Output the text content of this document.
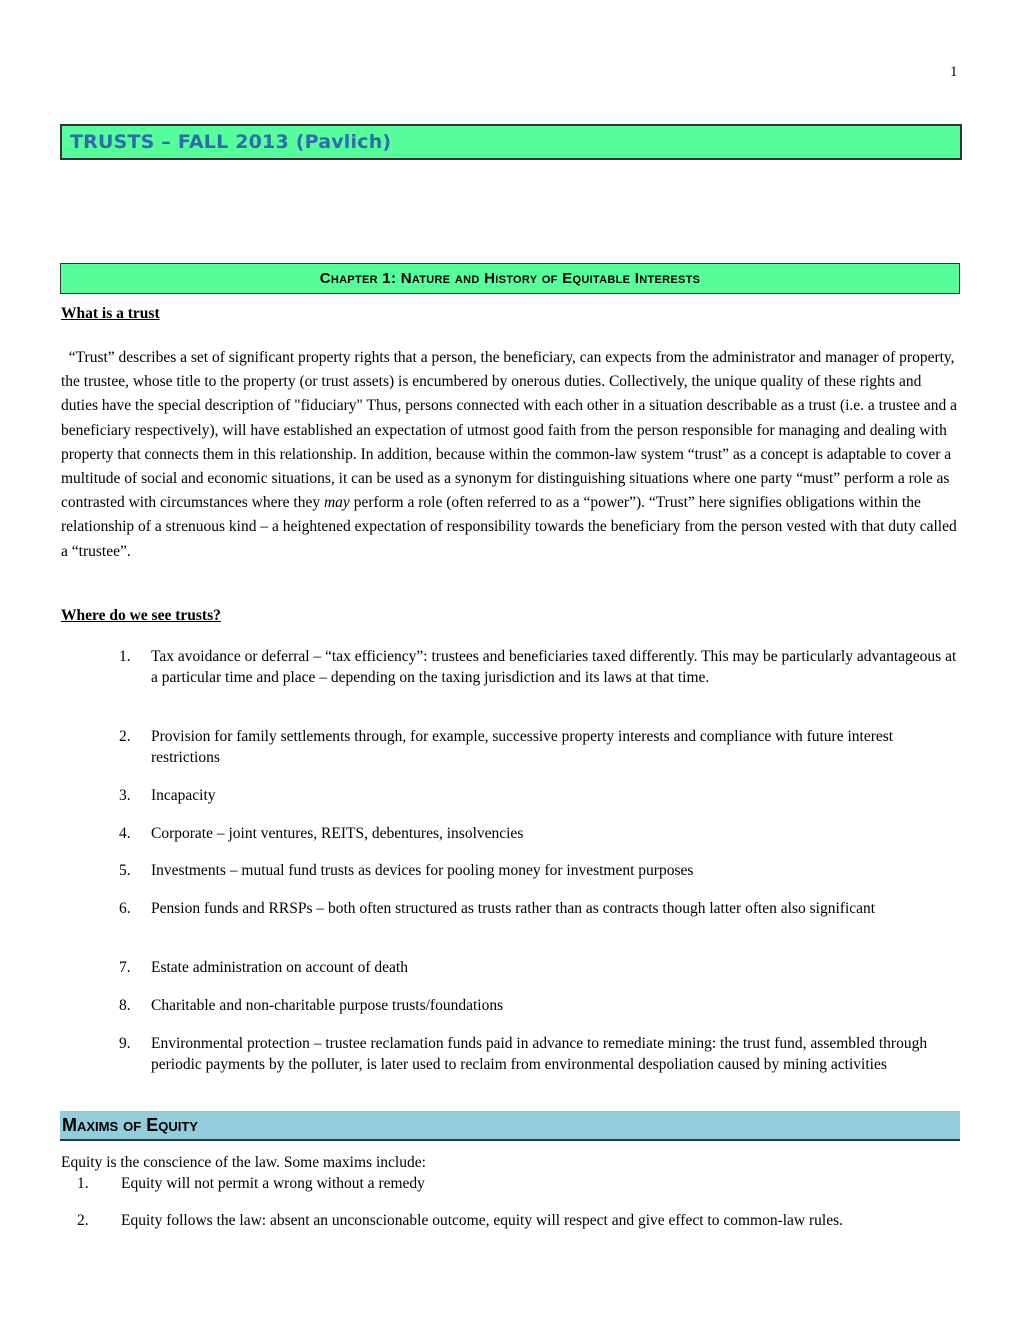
1
TRUSTS – FALL 2013 (Pavlich)
Chapter 1: Nature and History of Equitable Interests
What is a trust
“Trust” describes a set of significant property rights that a person, the beneficiary, can expects from the administrator and manager of property, the trustee, whose title to the property (or trust assets) is encumbered by onerous duties. Collectively, the unique quality of these rights and duties have the special description of "fiduciary" Thus, persons connected with each other in a situation describable as a trust (i.e. a trustee and a beneficiary respectively), will have established an expectation of utmost good faith from the person responsible for managing and dealing with property that connects them in this relationship. In addition, because within the common-law system “trust” as a concept is adaptable to cover a multitude of social and economic situations, it can be used as a synonym for distinguishing situations where one party “must” perform a role as contrasted with circumstances where they may perform a role (often referred to as a “power”). “Trust” here signifies obligations within the relationship of a strenuous kind – a heightened expectation of responsibility towards the beneficiary from the person vested with that duty called a “trustee”.
Where do we see trusts?
1. Tax avoidance or deferral – “tax efficiency”: trustees and beneficiaries taxed differently. This may be particularly advantageous at a particular time and place – depending on the taxing jurisdiction and its laws at that time.
2. Provision for family settlements through, for example, successive property interests and compliance with future interest restrictions
3. Incapacity
4. Corporate – joint ventures, REITS, debentures, insolvencies
5. Investments – mutual fund trusts as devices for pooling money for investment purposes
6. Pension funds and RRSPs – both often structured as trusts rather than as contracts though latter often also significant
7. Estate administration on account of death
8. Charitable and non-charitable purpose trusts/foundations
9. Environmental protection – trustee reclamation funds paid in advance to remediate mining: the trust fund, assembled through periodic payments by the polluter, is later used to reclaim from environmental despoliation caused by mining activities
Maxims of Equity
Equity is the conscience of the law. Some maxims include:
1. Equity will not permit a wrong without a remedy
2. Equity follows the law: absent an unconscionable outcome, equity will respect and give effect to common-law rules.
